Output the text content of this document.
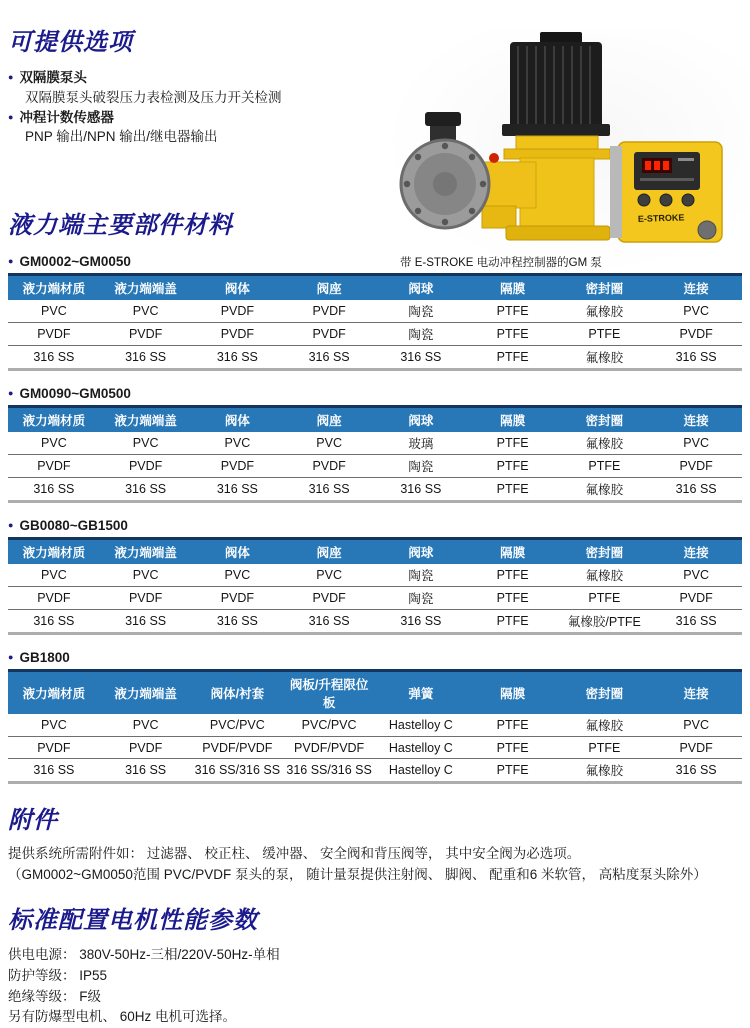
E-STROKE
带 E-STROKE 电动冲程控制器的GM 泵
可提供选项
● 双隔膜泵头
双隔膜泵头破裂压力表检测及压力开关检测
● 冲程计数传感器
PNP 输出/NPN 输出/继电器输出
液力端主要部件材料
● GM0002~GM0050
液力端材质	液力端端盖	阀体	阀座	阀球	隔膜	密封圈	连接
PVC	PVC	PVDF	PVDF	陶瓷	PTFE	氟橡胶	PVC
PVDF	PVDF	PVDF	PVDF	陶瓷	PTFE	PTFE	PVDF
316 SS	316 SS	316 SS	316 SS	316 SS	PTFE	氟橡胶	316 SS
● GM0090~GM0500
液力端材质	液力端端盖	阀体	阀座	阀球	隔膜	密封圈	连接
PVC	PVC	PVC	PVC	玻璃	PTFE	氟橡胶	PVC
PVDF	PVDF	PVDF	PVDF	陶瓷	PTFE	PTFE	PVDF
316 SS	316 SS	316 SS	316 SS	316 SS	PTFE	氟橡胶	316 SS
● GB0080~GB1500
液力端材质	液力端端盖	阀体	阀座	阀球	隔膜	密封圈	连接
PVC	PVC	PVC	PVC	陶瓷	PTFE	氟橡胶	PVC
PVDF	PVDF	PVDF	PVDF	陶瓷	PTFE	PTFE	PVDF
316 SS	316 SS	316 SS	316 SS	316 SS	PTFE	氟橡胶/PTFE	316 SS
● GB1800
液力端材质	液力端端盖	阀体/衬套	阀板/升程限位板	弹簧	隔膜	密封圈	连接
PVC	PVC	PVC/PVC	PVC/PVC	Hastelloy C	PTFE	氟橡胶	PVC
PVDF	PVDF	PVDF/PVDF	PVDF/PVDF	Hastelloy C	PTFE	PTFE	PVDF
316 SS	316 SS	316 SS/316 SS	316 SS/316 SS	Hastelloy C	PTFE	氟橡胶	316 SS
附件
提供系统所需附件如： 过滤器、 校正柱、 缓冲器、 安全阀和背压阀等， 其中安全阀为必选项。
（GM0002~GM0050范围 PVC/PVDF 泵头的泵， 随计量泵提供注射阀、 脚阀、 配重和6 米软管， 高粘度泵头除外）
标准配置电机性能参数
供电电源： 380V-50Hz-三相/220V-50Hz-单相
防护等级： IP55
绝缘等级： F级
另有防爆型电机、 60Hz 电机可选择。
